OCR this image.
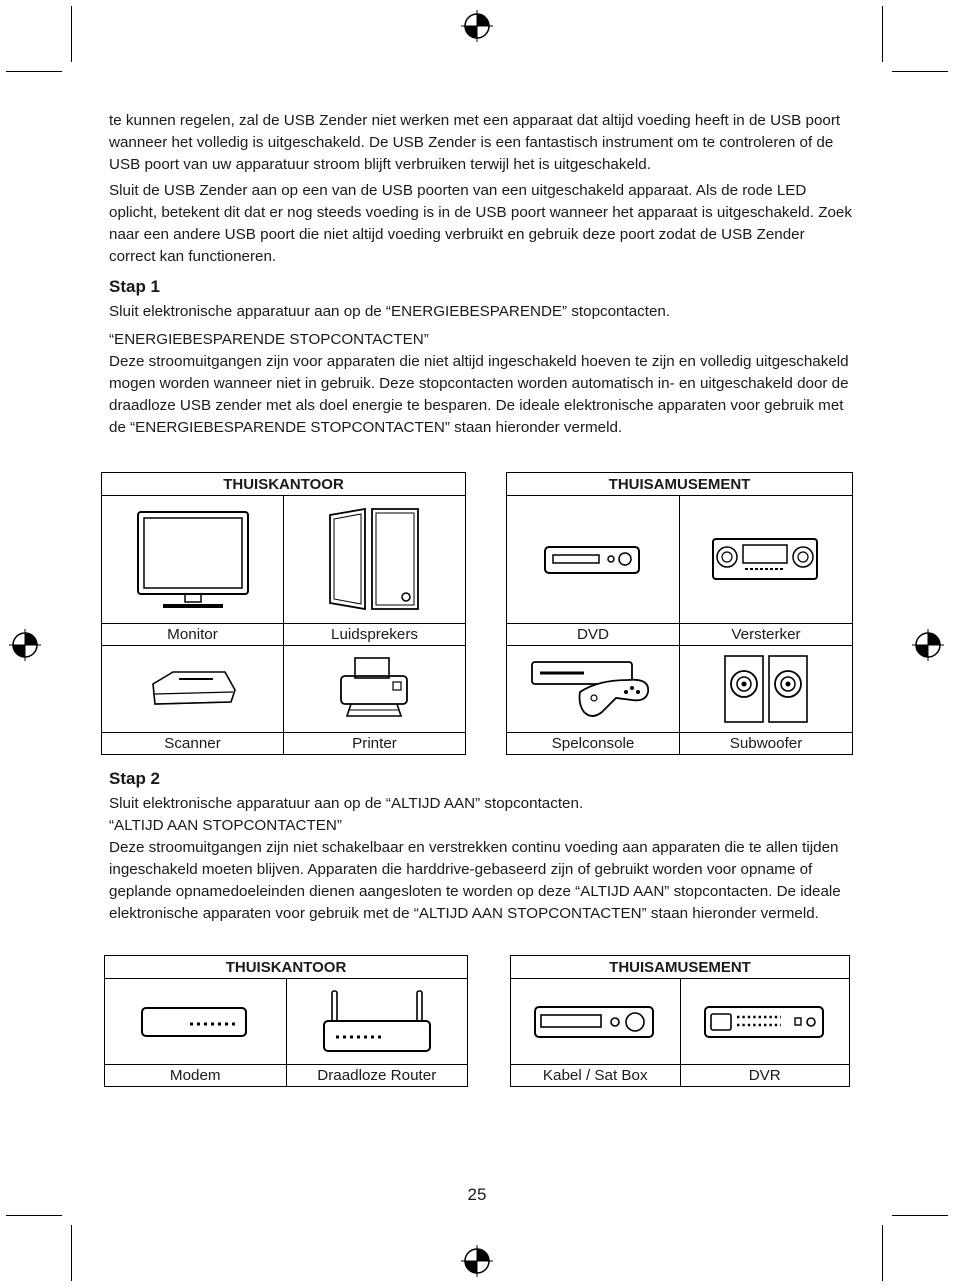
te kunnen regelen, zal de USB Zender niet werken met een apparaat dat altijd voeding heeft in de USB poort wanneer het volledig is uitgeschakeld. De USB Zender is een fantastisch instrument om te controleren of de USB poort van uw apparatuur stroom blijft verbruiken terwijl het is uitgeschakeld.

Sluit de USB Zender aan op een van de USB poorten van een uitgeschakeld apparaat. Als de rode LED oplicht, betekent dit dat er nog steeds voeding is in de USB poort wanneer het apparaat is uitgeschakeld. Zoek naar een andere USB poort die niet altijd voeding verbruikt en gebruik deze poort zodat de USB Zender correct kan functioneren.

Stap 1

Sluit elektronische apparatuur aan op de “ENERGIEBESPARENDE” stopcontacten.

“ENERGIEBESPARENDE STOPCONTACTEN”

Deze stroomuitgangen zijn voor apparaten die niet altijd ingeschakeld hoeven te zijn en volledig uitgeschakeld mogen worden wanneer niet in gebruik. Deze stopcontacten worden automatisch in- en uitgeschakeld door de draadloze USB zender met als doel energie te besparen. De ideale elektronische apparaten voor gebruik met de “ENERGIEBESPARENDE STOPCONTACTEN” staan hieronder vermeld.

THUISKANTOOR	

Monitor	Luidsprekers

Scanner	Printer
THUISAMUSEMENT	

DVD	Versterker

Spelconsole	Subwoofer
Stap 2

Sluit elektronische apparatuur aan op de “ALTIJD AAN” stopcontacten.

“ALTIJD AAN STOPCONTACTEN”

Deze stroomuitgangen zijn niet schakelbaar en verstrekken continu voeding aan apparaten die te allen tijden ingeschakeld moeten blijven. Apparaten die harddrive-gebaseerd zijn of gebruikt worden voor opname of geplande opnamedoeleinden dienen aangesloten te worden op deze “ALTIJD AAN” stopcontacten. De ideale elektronische apparaten voor gebruik met de “ALTIJD AAN STOPCONTACTEN” staan hieronder vermeld.

THUISKANTOOR	

Modem	Draadloze Router
THUISAMUSEMENT	

Kabel / Sat Box	DVR
25
